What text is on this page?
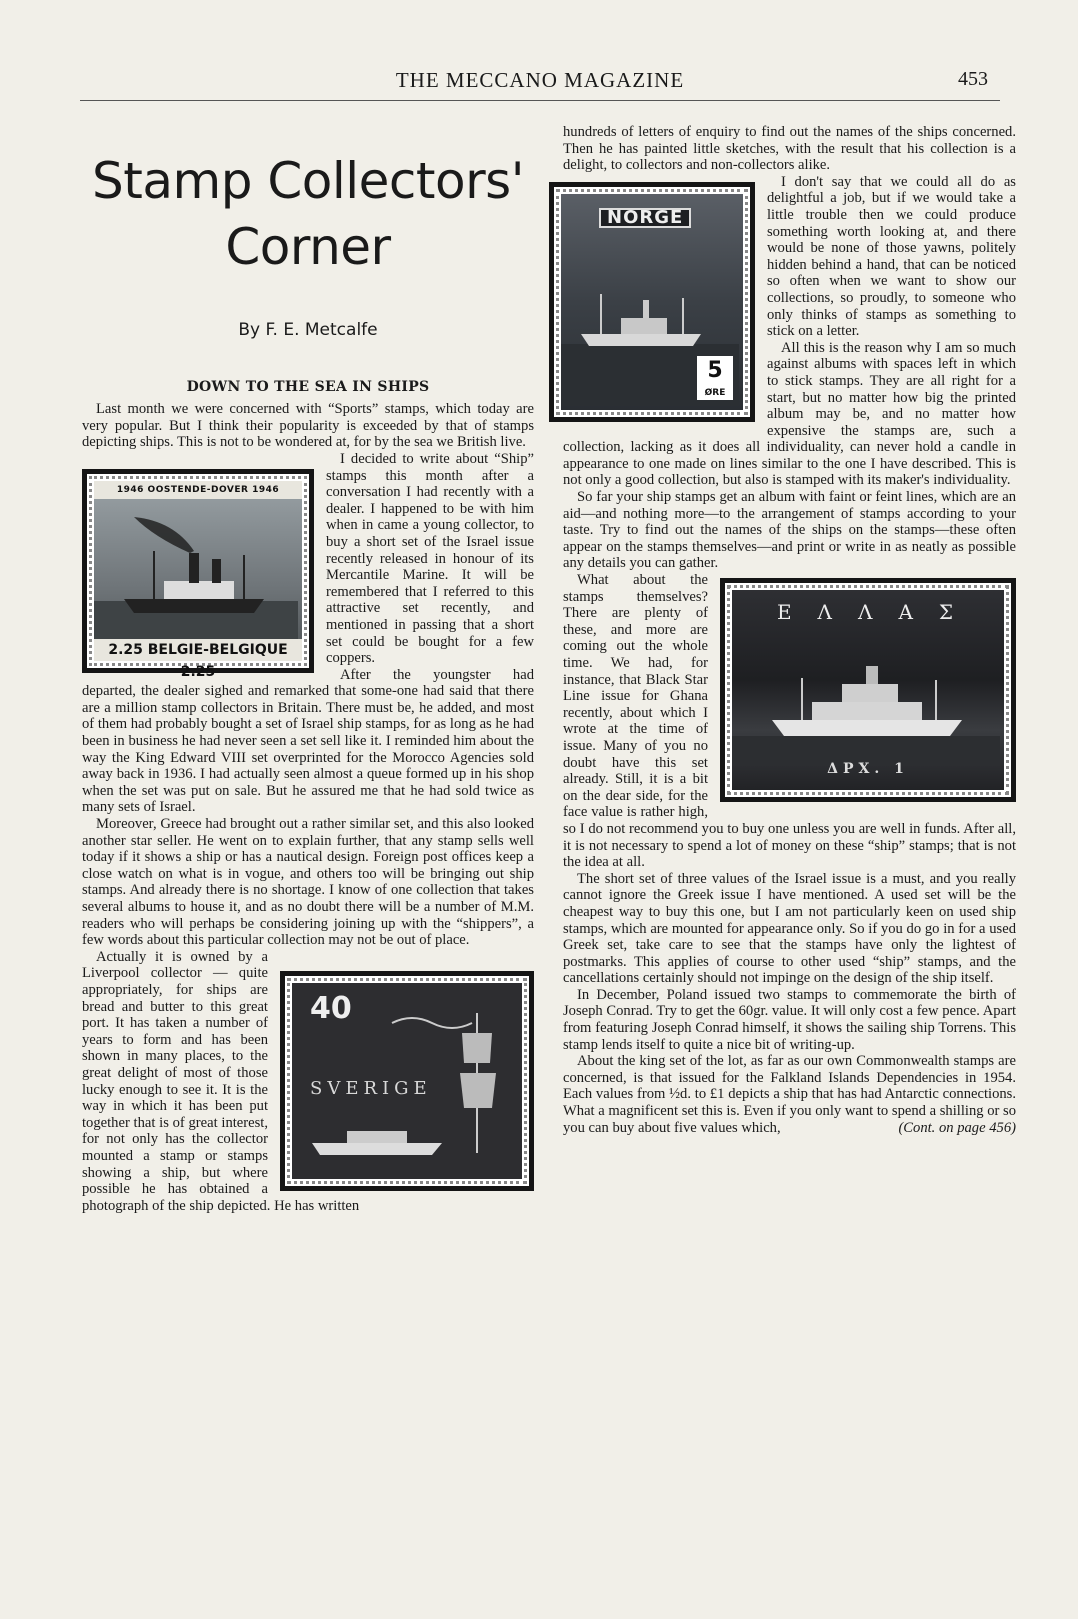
THE MECCANO MAGAZINE	453
Stamp Collectors'
Corner
By F. E. Metcalfe
DOWN TO THE SEA IN SHIPS

Last month we were concerned with “Sports” stamps, which today are very popular. But I think their popularity is exceeded by that of stamps depicting ships. This is not to be wondered at, for by the sea we British live.

1946 OOSTENDE-DOVER 1946
2.25 BELGIE-BELGIQUE 2.25

I decided to write about “Ship” stamps this month after a conversation I had recently with a dealer. I happened to be with him when in came a young collector, to buy a short set of the Israel issue recently released in honour of its Mercantile Marine. It will be remembered that I referred to this attractive set recently, and mentioned in passing that a short set could be bought for a few coppers.

After the youngster had departed, the dealer sighed and remarked that some-one had said that there are a million stamp collectors in Britain. There must be, he added, and most of them had probably bought a set of Israel ship stamps, for as long as he had been in business he had never seen a set sell like it. I reminded him about the way the King Edward VIII set overprinted for the Morocco Agencies sold away back in 1936. I had actually seen almost a queue formed up in his shop when the set was put on sale. But he assured me that he had sold twice as many sets of Israel.

Moreover, Greece had brought out a rather similar set, and this also looked another star seller. He went on to explain further, that any stamp sells well today if it shows a ship or has a nautical design. Foreign post offices keep a close watch on what is in vogue, and others too will be bringing out ship stamps. And already there is no shortage. I know of one collection that takes several albums to house it, and as no doubt there will be a number of M.M. readers who will perhaps be considering joining up with the “shippers”, a few words about this particular collection may not be out of place.

40
SVERIGE

Actually it is owned by a Liverpool collector — quite appropriately, for ships are bread and butter to this great port. It has taken a number of years to form and has been shown in many places, to the great delight of most of those lucky enough to see it. It is the way in which it has been put together that is of great interest, for not only has the collector mounted a stamp or stamps showing a ship, but where possible he has obtained a photograph of the ship depicted. He has written

hundreds of letters of enquiry to find out the names of the ships concerned. Then he has painted little sketches, with the result that his collection is a delight, to collectors and non-collectors alike.

NORGE
5
ØRE

I don't say that we could all do as delightful a job, but if we would take a little trouble then we could produce something worth looking at, and there would be none of those yawns, politely hidden behind a hand, that can be noticed so often when we want to show our collections, so proudly, to someone who only thinks of stamps as something to stick on a letter.

All this is the reason why I am so much against albums with spaces left in which to stick stamps. They are all right for a start, but no matter how big the printed album may be, and no matter how expensive the stamps are, such a collection, lacking as it does all individuality, can never hold a candle in appearance to one made on lines similar to the one I have described. This is not only a good collection, but also is stamped with its maker's individuality.

So far your ship stamps get an album with faint or feint lines, which are an aid—and nothing more—to the arrangement of stamps according to your taste. Try to find out the names of the ships on the stamps—these often appear on the stamps themselves—and print or write in as neatly as possible any details you can gather.

ΕΛΛΑΣ
ΔΡΧ. 1

What about the stamps themselves? There are plenty of these, and more are coming out the whole time. We had, for instance, that Black Star Line issue for Ghana recently, about which I wrote at the time of issue. Many of you no doubt have this set already. Still, it is a bit on the dear side, for the face value is rather high, so I do not recommend you to buy one unless you are well in funds. After all, it is not necessary to spend a lot of money on these “ship” stamps; that is not the idea at all.

The short set of three values of the Israel issue is a must, and you really cannot ignore the Greek issue I have mentioned. A used set will be the cheapest way to buy this one, but I am not particularly keen on used ship stamps, which are mounted for appearance only. So if you do go in for a used Greek set, take care to see that the stamps have only the lightest of postmarks. This applies of course to other used “ship” stamps, and the cancellations certainly should not impinge on the design of the ship itself.

In December, Poland issued two stamps to commemorate the birth of Joseph Conrad. Try to get the 60gr. value. It will only cost a few pence. Apart from featuring Joseph Conrad himself, it shows the sailing ship Torrens. This stamp lends itself to quite a nice bit of writing-up.

About the king set of the lot, as far as our own Commonwealth stamps are concerned, is that issued for the Falkland Islands Dependencies in 1954. Each values from ½d. to £1 depicts a ship that has had Antarctic connections. What a magnificent set this is. Even if you only want to spend a shilling or so you can buy about five values which,	(Cont. on page 456)
